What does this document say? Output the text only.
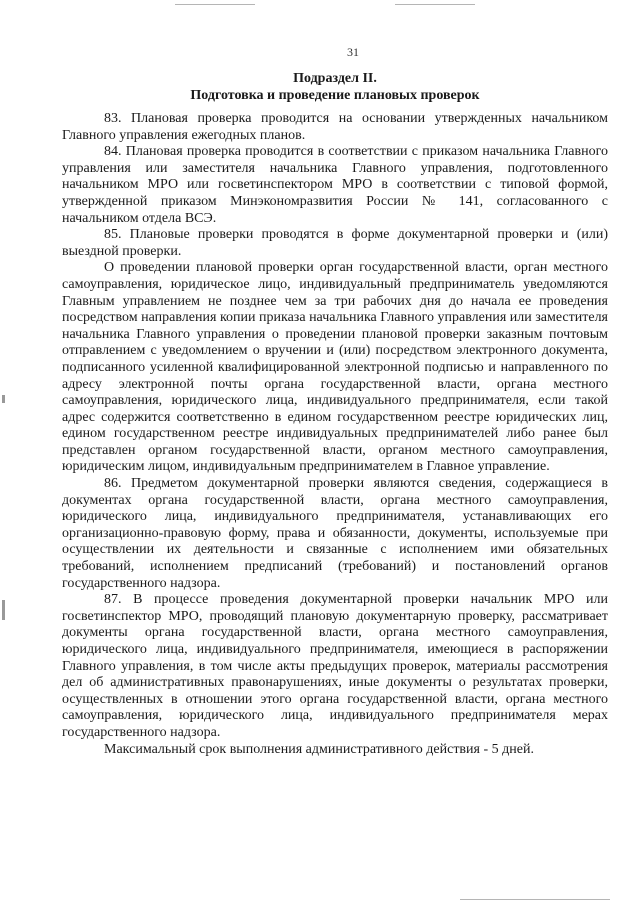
31
Подраздел II.
Подготовка и проведение плановых проверок

83. Плановая проверка проводится на основании утвержденных начальником Главного управления ежегодных планов.

84. Плановая проверка проводится в соответствии с приказом начальника Главного управления или заместителя начальника Главного управления, подготовленного начальником МРО или госветинспектором МРО в соответствии с типовой формой, утвержденной приказом Минэкономразвития России № 141, согласованного с начальником отдела ВСЭ.

85. Плановые проверки проводятся в форме документарной проверки и (или) выездной проверки.

О проведении плановой проверки орган государственной власти, орган местного самоуправления, юридическое лицо, индивидуальный предприниматель уведомляются Главным управлением не позднее чем за три рабочих дня до начала ее проведения посредством направления копии приказа начальника Главного управления или заместителя начальника Главного управления о проведении плановой проверки заказным почтовым отправлением с уведомлением о вручении и (или) посредством электронного документа, подписанного усиленной квалифицированной электронной подписью и направленного по адресу электронной почты органа государственной власти, органа местного самоуправления, юридического лица, индивидуального предпринимателя, если такой адрес содержится соответственно в едином государственном реестре юридических лиц, едином государственном реестре индивидуальных предпринимателей либо ранее был представлен органом государственной власти, органом местного самоуправления, юридическим лицом, индивидуальным предпринимателем в Главное управление.

86. Предметом документарной проверки являются сведения, содержащиеся в документах органа государственной власти, органа местного самоуправления, юридического лица, индивидуального предпринимателя, устанавливающих его организационно-правовую форму, права и обязанности, документы, используемые при осуществлении их деятельности и связанные с исполнением ими обязательных требований, исполнением предписаний (требований) и постановлений органов государственного надзора.

87. В процессе проведения документарной проверки начальник МРО или госветинспектор МРО, проводящий плановую документарную проверку, рассматривает документы органа государственной власти, органа местного самоуправления, юридического лица, индивидуального предпринимателя, имеющиеся в распоряжении Главного управления, в том числе акты предыдущих проверок, материалы рассмотрения дел об административных правонарушениях, иные документы о результатах проверки, осуществленных в отношении этого органа государственной власти, органа местного самоуправления, юридического лица, индивидуального предпринимателя мерах государственного надзора.

Максимальный срок выполнения административного действия - 5 дней.
